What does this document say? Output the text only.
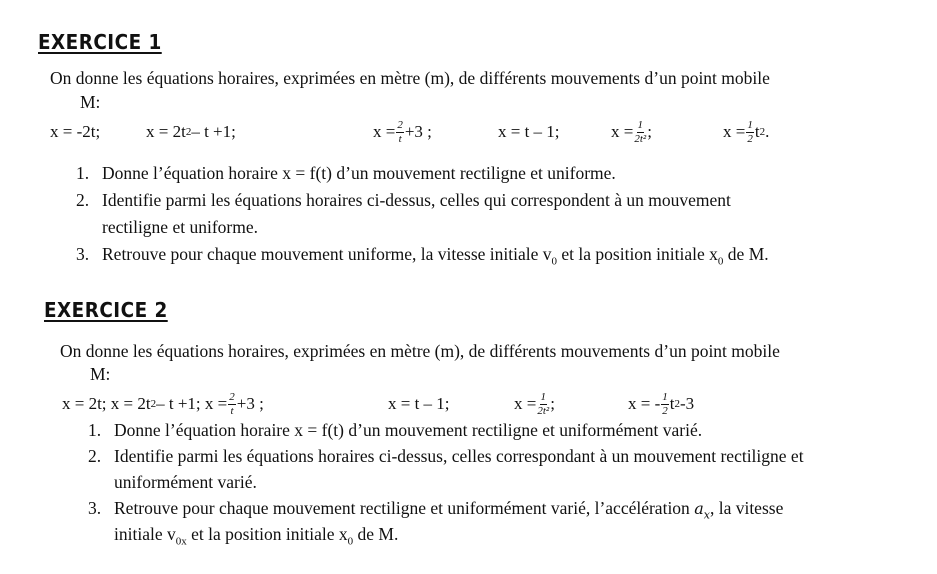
EXERCICE 1
On donne les équations horaires, exprimées en mètre (m), de différents mouvements d’un point mobile
M:
x = -2t;	x = 2t 2 – t +1;	$x = \frac{2}{t} +3$ ;	x = t – 1;	$x = \frac{1}{\text{2t²}}$ ;	$x = \frac{1}{2}$ t 2 .
1. Donne l’équation horaire x = f(t) d’un mouvement rectiligne et uniforme.
2. Identifie parmi les équations horaires ci-dessus, celles qui correspondent à un mouvement
rectiligne et uniforme.
3. Retrouve pour chaque mouvement uniforme, la vitesse initiale $v_0$ et la position initiale $x_0$ de M.
EXERCICE 2
On donne les équations horaires, exprimées en mètre (m), de différents mouvements d’un point mobile
M:
x = 2t; x = 2t 2 – t +1; $x = \frac{2}{t} +3$ ;	x = t – 1;	$x = \frac{1}{\text{2t²}}$ ;	x = - $\frac{1}{2}$ t 2 -3
1. Donne l’équation horaire x = f(t) d’un mouvement rectiligne et uniformément varié.
2. Identifie parmi les équations horaires ci-dessus, celles correspondant à un mouvement rectiligne et
uniformément varié.
3. Retrouve pour chaque mouvement rectiligne et uniformément varié, l’accélération $a_x$, la vitesse
initiale $v_{0x}$ et la position initiale $x_0$ de M.
